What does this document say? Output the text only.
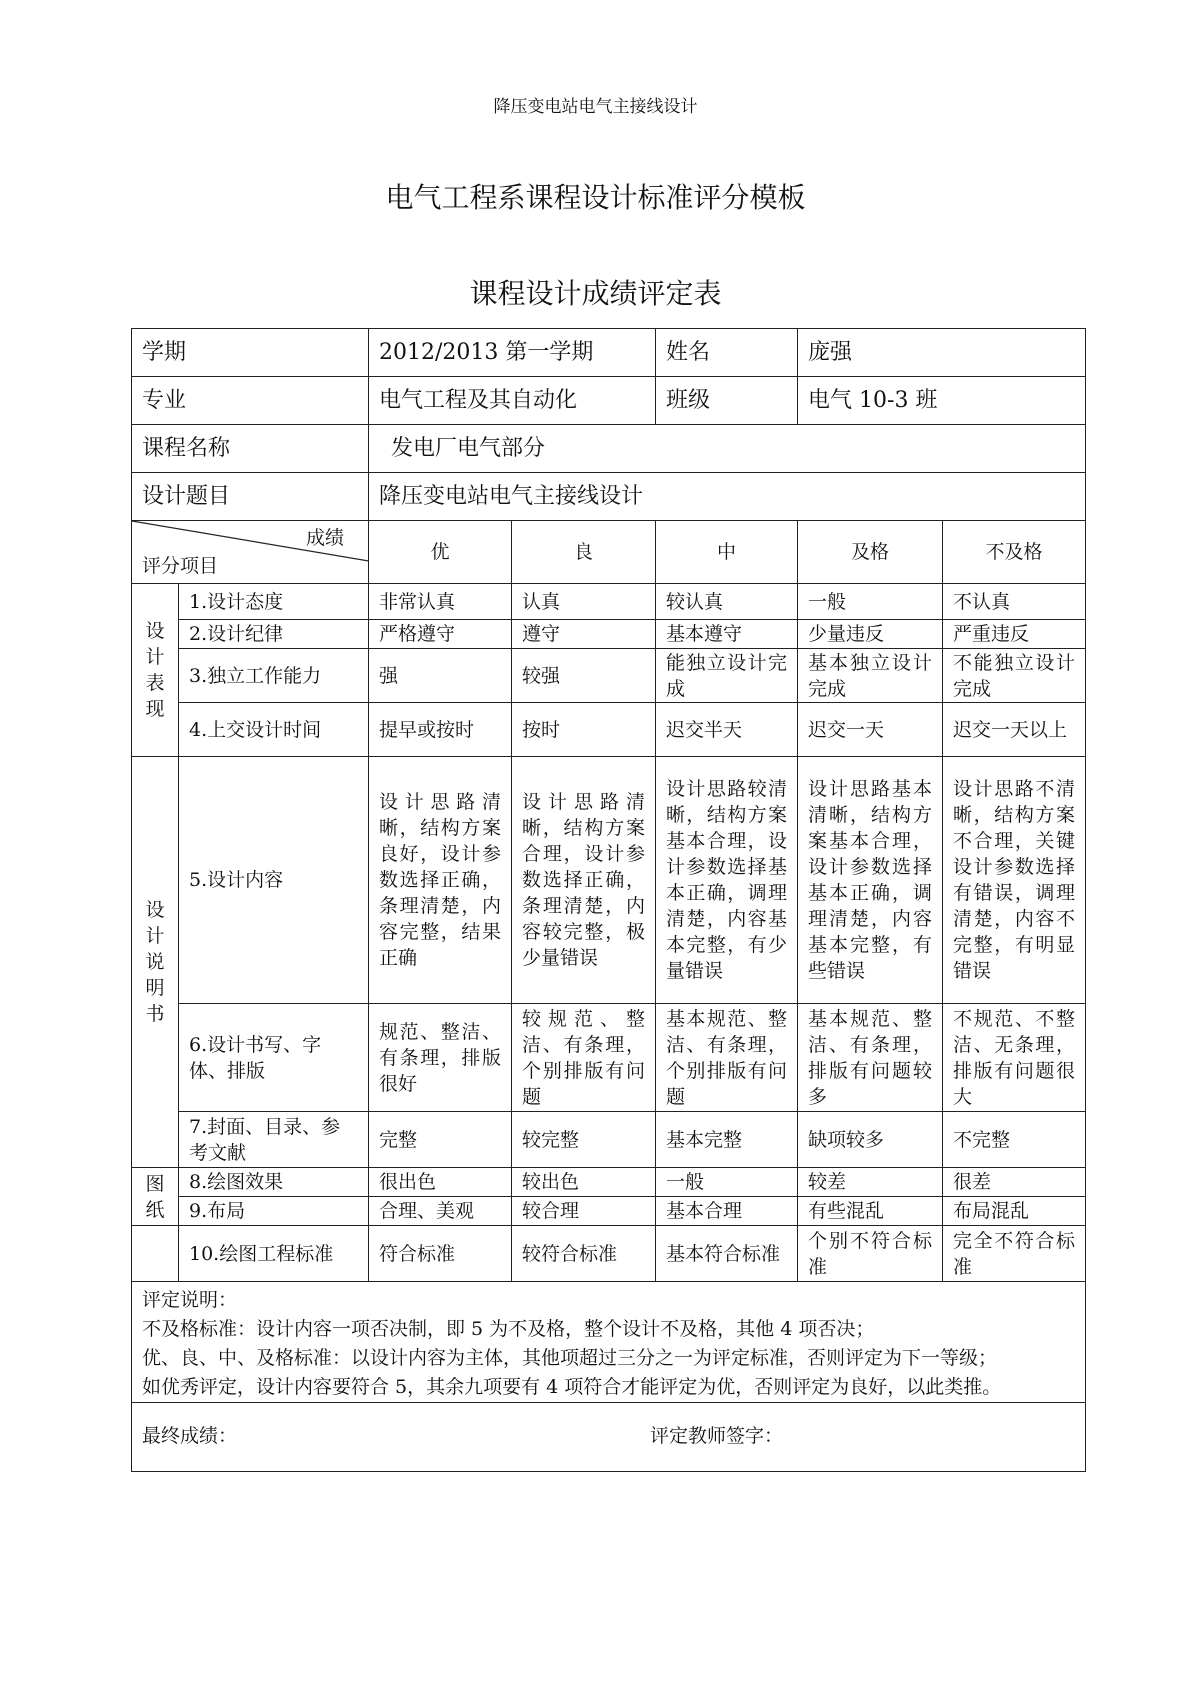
降压变电站电气主接线设计
电气工程系课程设计标准评分模板
课程设计成绩评定表
学期		2012/2013 第一学期		姓名	庞强	
专业		电气工程及其自动化		班级	电气 10-3 班	
课程名称		发电厂电气部分				
设计题目		降压变电站电气主接线设计				

成绩
评分项目		优	良	中	及格	不及格

设
计
表
现	1.设计态度	非常认真	认真	较认真	一般	不认真
	2.设计纪律	严格遵守	遵守	基本遵守	少量违反	严重违反
	3.独立工作能力	强	较强	能独立设计完成	基本独立设计完成	不能独立设计完成
	4.上交设计时间	提早或按时	按时	迟交半天	迟交一天	迟交一天以上

设
计
说
明
书	5.设计内容	设计思路清晰，结构方案良好，设计参数选择正确，条理清楚，内容完整，结果正确	设计思路清晰，结构方案合理，设计参数选择正确，条理清楚，内容较完整，极少量错误	设计思路较清晰，结构方案基本合理，设计参数选择基本正确，调理清楚，内容基本完整，有少量错误	设计思路基本清晰，结构方案基本合理，设计参数选择基本正确，调理清楚，内容基本完整，有些错误	设计思路不清晰，结构方案不合理，关键设计参数选择有错误，调理清楚，内容不完整，有明显错误
	6.设计书写、字体、排版	规范、整洁、有条理，排版很好	较规范、整洁、有条理，个别排版有问题	基本规范、整洁、有条理，个别排版有问题	基本规范、整洁、有条理，排版有问题较多	不规范、不整洁、无条理，排版有问题很大
	7.封面、目录、参考文献	完整	较完整	基本完整	缺项较多	不完整

图
纸	8.绘图效果	很出色	较出色	一般	较差	很差
	9.布局	合理、美观	较合理	基本合理	有些混乱	布局混乱
	10.绘图工程标准	符合标准	较符合标准	基本符合标准	个别不符合标准	完全不符合标准

评定说明：

不及格标准：设计内容一项否决制，即 5 为不及格，整个设计不及格，其他 4 项否决；

优、良、中、及格标准：以设计内容为主体，其他项超过三分之一为评定标准，否则评定为下一等级；

如优秀评定，设计内容要符合 5，其余九项要有 4 项符合才能评定为优，否则评定为良好，以此类推。						

最终成绩： 评定教师签字：						
